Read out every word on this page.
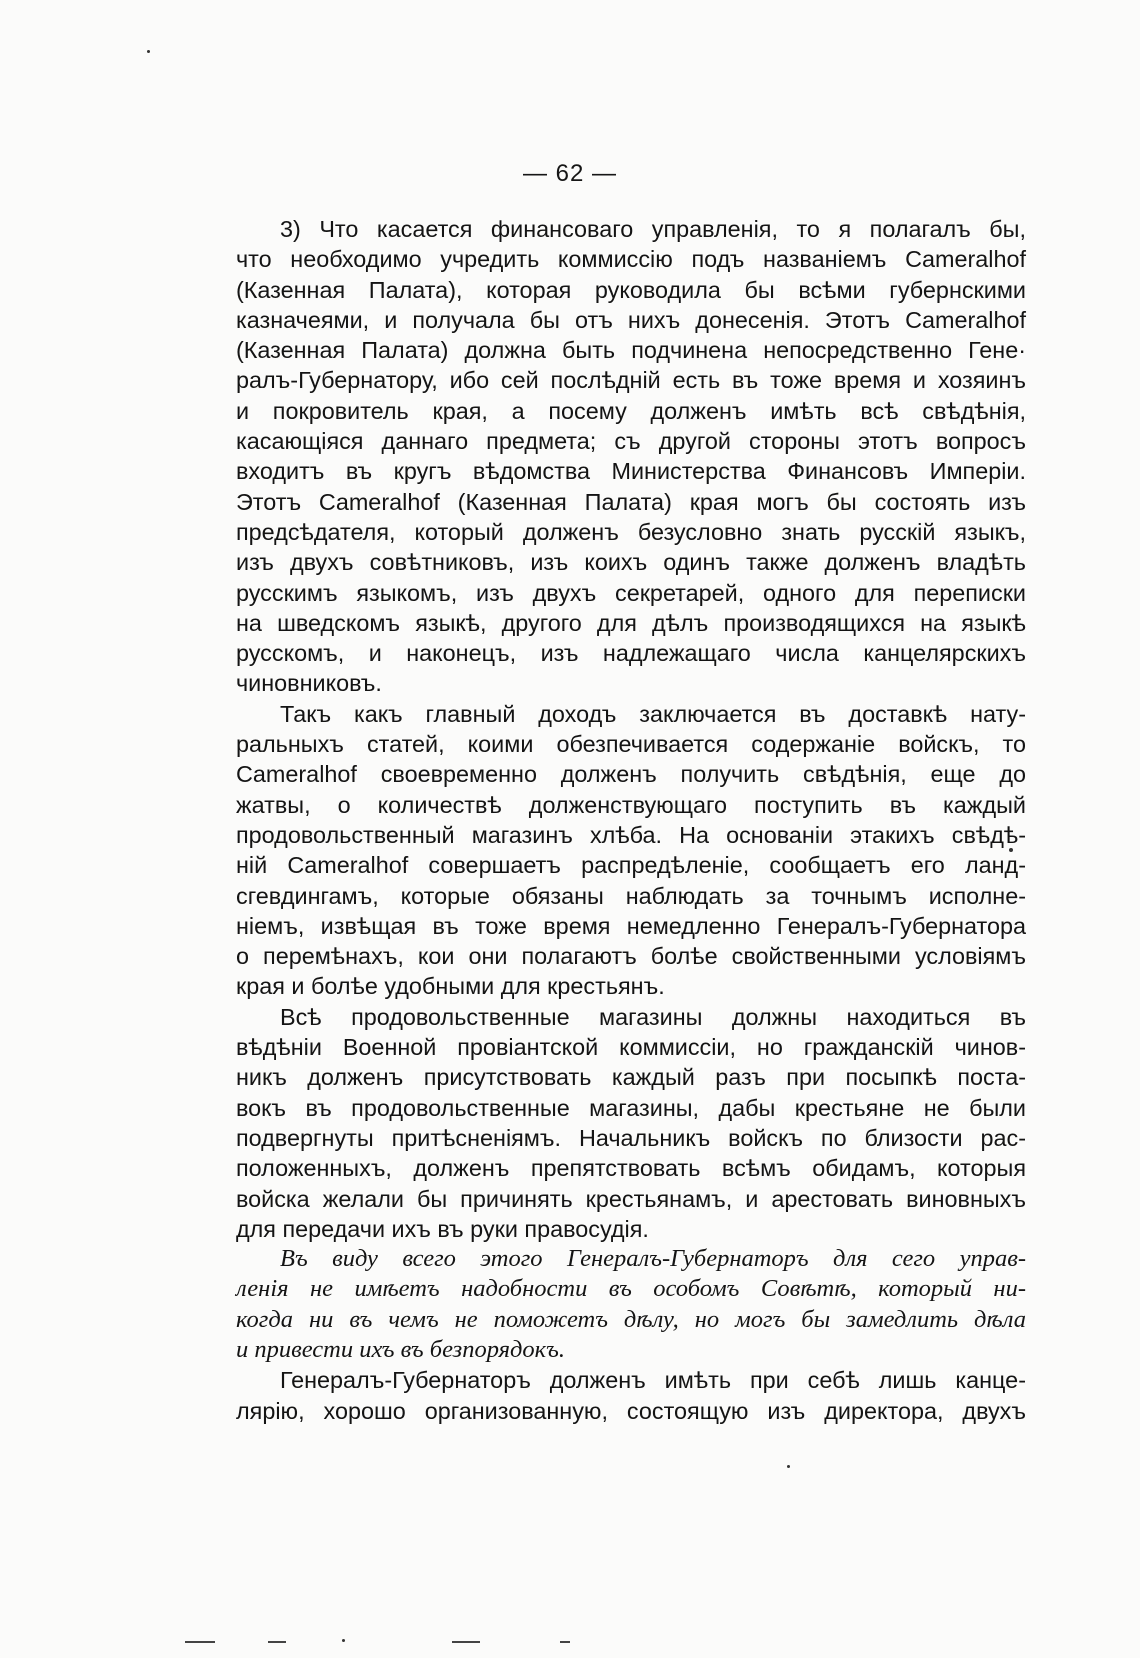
— 62 —
3) Что касается финансоваго управленія, то я полагалъ бы,
что необходимо учредить коммиссію подъ названіемъ Cameralhof
(Казенная Палата), которая руководила бы всѣми губернскими
казначеями, и получала бы отъ нихъ донесенія. Этотъ Cameralhof
(Казенная Палата) должна быть подчинена непосредственно Гене·
ралъ-Губернатору, ибо сей послѣдній есть въ тоже время и хозяинъ
и покровитель края, а посему долженъ имѣть всѣ свѣдѣнія,
касающіяся даннаго предмета; съ другой стороны этотъ вопросъ
входитъ въ кругъ вѣдомства Министерства Финансовъ Имперіи.
Этотъ Cameralhof (Казенная Палата) края могъ бы состоять изъ
предсѣдателя, который долженъ безусловно знать русскій языкъ,
изъ двухъ совѣтниковъ, изъ коихъ одинъ также долженъ владѣть
русскимъ языкомъ, изъ двухъ секретарей, одного для переписки
на шведскомъ языкѣ, другого для дѣлъ производящихся на языкѣ
русскомъ, и наконецъ, изъ надлежащаго числа канцелярскихъ
чиновниковъ.
Такъ какъ главный доходъ заключается въ доставкѣ нату-
ральныхъ статей, коими обезпечивается содержаніе войскъ, то
Cameralhof своевременно долженъ получить свѣдѣнія, еще до
жатвы, о количествѣ долженствующаго поступить въ каждый
продовольственный магазинъ хлѣба. На основаніи этакихъ свѣдѣ-
ній Cameralhof совершаетъ распредѣленіе, сообщаетъ его ланд-
сгевдингамъ, которые обязаны наблюдать за точнымъ исполне-
ніемъ, извѣщая въ тоже время немедленно Генералъ-Губернатора
о перемѣнахъ, кои они полагаютъ болѣе свойственными условіямъ
края и болѣе удобными для крестьянъ.
Всѣ продовольственные магазины должны находиться въ
вѣдѣніи Военной провіантской коммиссіи, но гражданскій чинов-
никъ долженъ присутствовать каждый разъ при посыпкѣ поста-
вокъ въ продовольственные магазины, дабы крестьяне не были
подвергнуты притѣсненіямъ. Начальникъ войскъ по близости рас-
положенныхъ, долженъ препятствовать всѣмъ обидамъ, которыя
войска желали бы причинять крестьянамъ, и арестовать виновныхъ
для передачи ихъ въ руки правосудія.
Въ виду всего этого Генералъ-Губернаторъ для сего управ-
ленія не имѣетъ надобности въ особомъ Совѣтѣ, который ни-
когда ни въ чемъ не поможетъ дѣлу, но могъ бы замедлить дѣла
и привести ихъ въ безпорядокъ.
Генералъ-Губернаторъ долженъ имѣть при себѣ лишь канце-
лярію, хорошо организованную, состоящую изъ директора, двухъ
